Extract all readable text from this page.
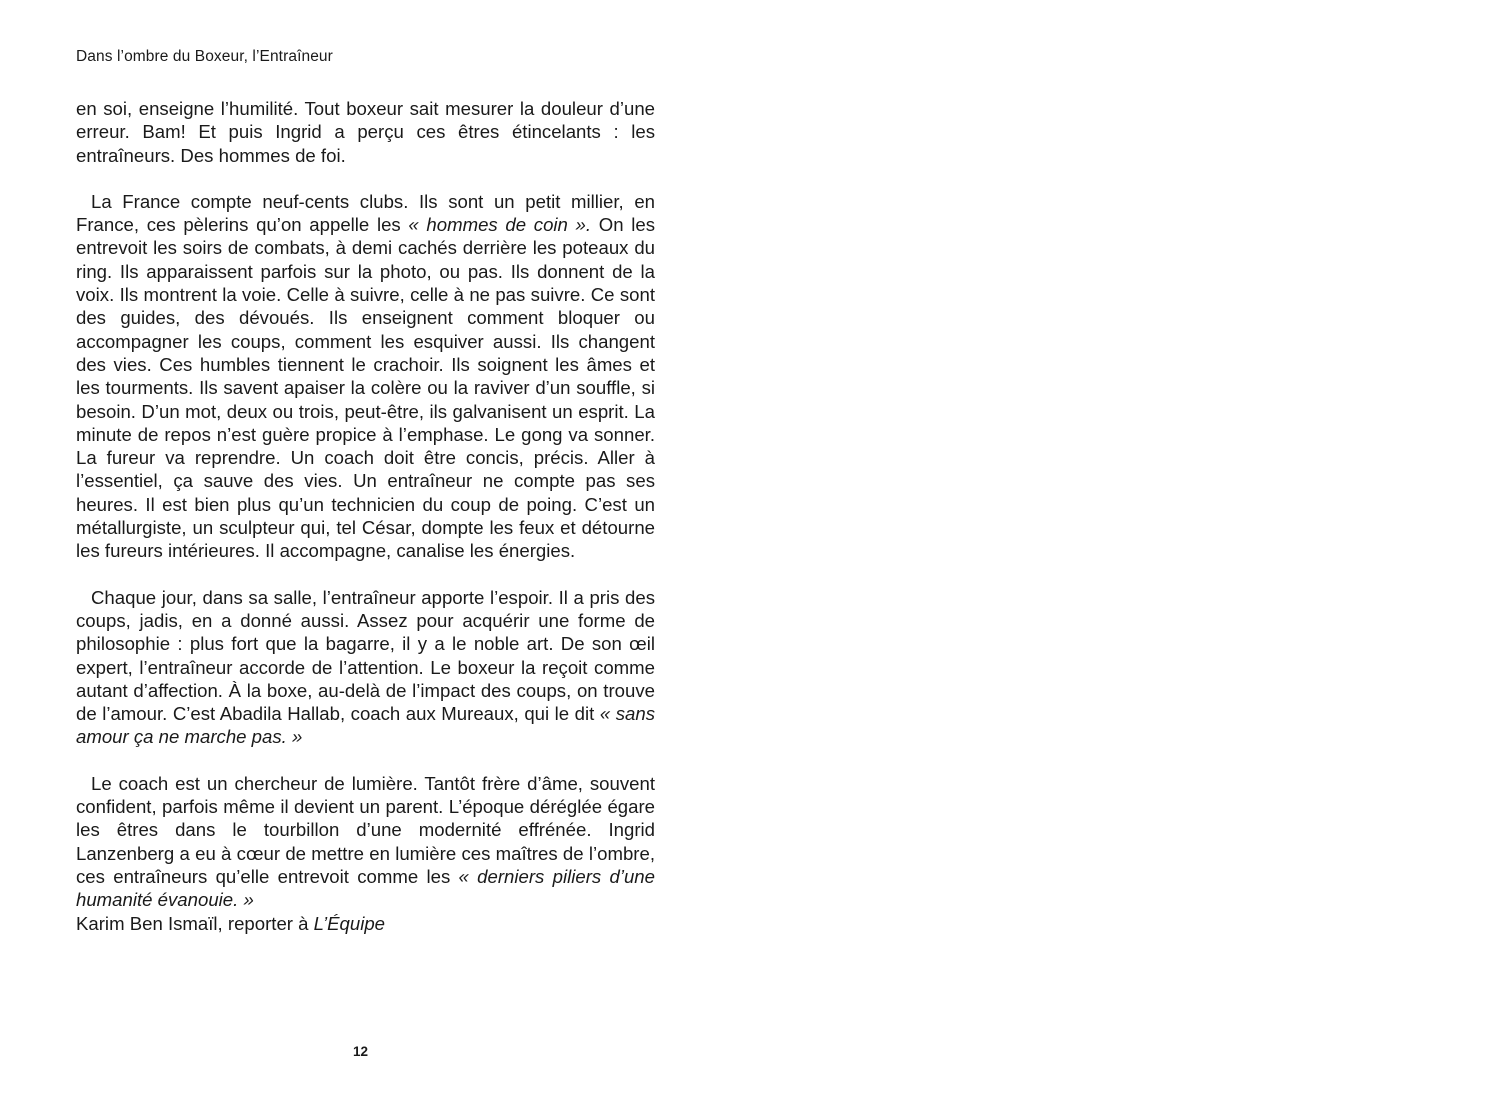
Dans l’ombre du Boxeur, l’Entraîneur

en soi, enseigne l’humilité. Tout boxeur sait mesurer la douleur d’une erreur. Bam! Et puis Ingrid a perçu ces êtres étincelants : les entraîneurs. Des hommes de foi.

La France compte neuf-cents clubs. Ils sont un petit millier, en France, ces pèlerins qu’on appelle les « hommes de coin ». On les entrevoit les soirs de combats, à demi cachés derrière les poteaux du ring. Ils apparaissent parfois sur la photo, ou pas. Ils donnent de la voix. Ils montrent la voie. Celle à suivre, celle à ne pas suivre. Ce sont des guides, des dévoués. Ils enseignent comment bloquer ou accompagner les coups, comment les esquiver aussi. Ils changent des vies. Ces humbles tiennent le crachoir. Ils soignent les âmes et les tourments. Ils savent apaiser la colère ou la raviver d’un souffle, si besoin. D’un mot, deux ou trois, peut-être, ils galvanisent un esprit. La minute de repos n’est guère propice à l’emphase. Le gong va sonner. La fureur va reprendre. Un coach doit être concis, précis. Aller à l’essentiel, ça sauve des vies. Un entraîneur ne compte pas ses heures. Il est bien plus qu’un technicien du coup de poing. C’est un métallurgiste, un sculpteur qui, tel César, dompte les feux et détourne les fureurs intérieures. Il accompagne, canalise les énergies.

Chaque jour, dans sa salle, l’entraîneur apporte l’espoir. Il a pris des coups, jadis, en a donné aussi. Assez pour acquérir une forme de philosophie : plus fort que la bagarre, il y a le noble art. De son œil expert, l’entraîneur accorde de l’attention. Le boxeur la reçoit comme autant d’affection. À la boxe, au-delà de l’impact des coups, on trouve de l’amour. C’est Abadila Hallab, coach aux Mureaux, qui le dit « sans amour ça ne marche pas. »

Le coach est un chercheur de lumière. Tantôt frère d’âme, souvent confident, parfois même il devient un parent. L’époque déréglée égare les êtres dans le tourbillon d’une modernité effrénée. Ingrid Lanzenberg a eu à cœur de mettre en lumière ces maîtres de l’ombre, ces entraîneurs qu’elle entrevoit comme les « derniers piliers d’une humanité évanouie. »

Karim Ben Ismaïl, reporter à L’Équipe

12
